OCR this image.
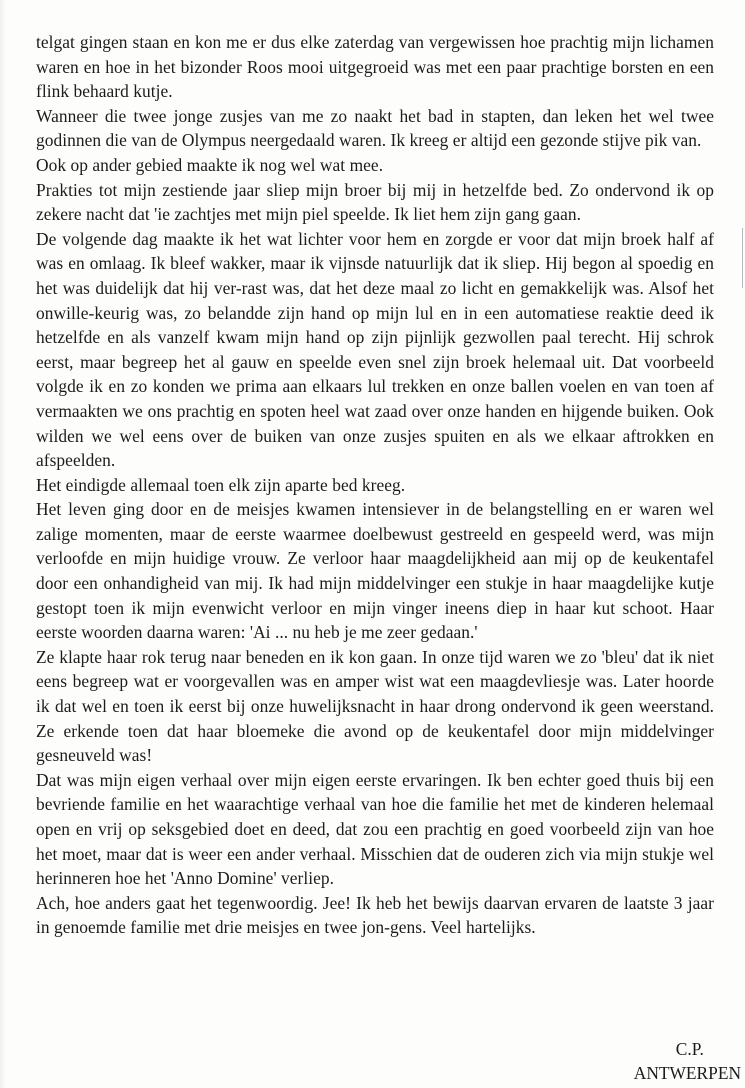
telgat gingen staan en kon me er dus elke zaterdag van vergewissen hoe prachtig mijn lichamen waren en hoe in het bizonder Roos mooi uitgegroeid was met een paar prachtige borsten en een flink behaard kutje.

Wanneer die twee jonge zusjes van me zo naakt het bad in stapten, dan leken het wel twee godinnen die van de Olympus neergedaald waren. Ik kreeg er altijd een gezonde stijve pik van.

Ook op ander gebied maakte ik nog wel wat mee.

Prakties tot mijn zestiende jaar sliep mijn broer bij mij in hetzelfde bed. Zo ondervond ik op zekere nacht dat 'ie zachtjes met mijn piel speelde. Ik liet hem zijn gang gaan.

De volgende dag maakte ik het wat lichter voor hem en zorgde er voor dat mijn broek half af was en omlaag. Ik bleef wakker, maar ik vijnsde natuurlijk dat ik sliep. Hij begon al spoedig en het was duidelijk dat hij ver-rast was, dat het deze maal zo licht en gemakkelijk was. Alsof het onwille-keurig was, zo belandde zijn hand op mijn lul en in een automatiese reaktie deed ik hetzelfde en als vanzelf kwam mijn hand op zijn pijnlijk gezwollen paal terecht. Hij schrok eerst, maar begreep het al gauw en speelde even snel zijn broek helemaal uit. Dat voorbeeld volgde ik en zo konden we prima aan elkaars lul trekken en onze ballen voelen en van toen af vermaakten we ons prachtig en spoten heel wat zaad over onze handen en hijgende buiken. Ook wilden we wel eens over de buiken van onze zusjes spuiten en als we elkaar aftrokken en afspeelden.

Het eindigde allemaal toen elk zijn aparte bed kreeg.

Het leven ging door en de meisjes kwamen intensiever in de belangstelling en er waren wel zalige momenten, maar de eerste waarmee doelbewust gestreeld en gespeeld werd, was mijn verloofde en mijn huidige vrouw. Ze verloor haar maagdelijkheid aan mij op de keukentafel door een onhandigheid van mij. Ik had mijn middelvinger een stukje in haar maagdelijke kutje gestopt toen ik mijn evenwicht verloor en mijn vinger ineens diep in haar kut schoot. Haar eerste woorden daarna waren: 'Ai ... nu heb je me zeer gedaan.'

Ze klapte haar rok terug naar beneden en ik kon gaan. In onze tijd waren we zo 'bleu' dat ik niet eens begreep wat er voorgevallen was en amper wist wat een maagdevliesje was. Later hoorde ik dat wel en toen ik eerst bij onze huwelijksnacht in haar drong ondervond ik geen weerstand. Ze erkende toen dat haar bloemeke die avond op de keukentafel door mijn middelvinger gesneuveld was!

Dat was mijn eigen verhaal over mijn eigen eerste ervaringen. Ik ben echter goed thuis bij een bevriende familie en het waarachtige verhaal van hoe die familie het met de kinderen helemaal open en vrij op seksgebied doet en deed, dat zou een prachtig en goed voorbeeld zijn van hoe het moet, maar dat is weer een ander verhaal. Misschien dat de ouderen zich via mijn stukje wel herinneren hoe het 'Anno Domine' verliep.

Ach, hoe anders gaat het tegenwoordig. Jee! Ik heb het bewijs daarvan ervaren de laatste 3 jaar in genoemde familie met drie meisjes en twee jon-gens. Veel hartelijks.

C.P.
ANTWERPEN
